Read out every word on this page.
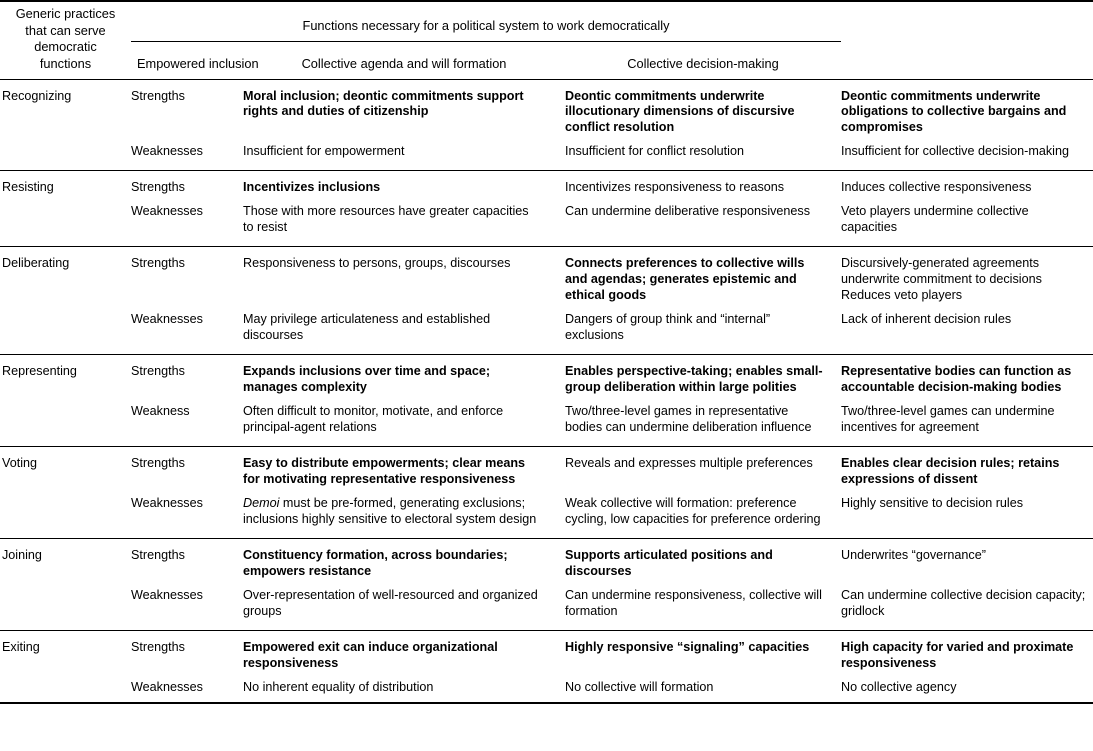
Generic practices that can serve democratic functions	Functions necessary for a political system to work democratically			
	Empowered inclusion	Collective agenda and will formation	Collective decision-making	
Recognizing	Strengths	Moral inclusion; deontic commitments support rights and duties of citizenship	Deontic commitments underwrite illocutionary dimensions of discursive conflict resolution	Deontic commitments underwrite obligations to collective bargains and compromises
	Weaknesses	Insufficient for empowerment	Insufficient for conflict resolution	Insufficient for collective decision-making
Resisting	Strengths	Incentivizes inclusions	Incentivizes responsiveness to reasons	Induces collective responsiveness
	Weaknesses	Those with more resources have greater capacities to resist	Can undermine deliberative responsiveness	Veto players undermine collective capacities
Deliberating	Strengths	Responsiveness to persons, groups, discourses	Connects preferences to collective wills and agendas; generates epistemic and ethical goods	Discursively-generated agreements underwrite commitment to decisions Reduces veto players
	Weaknesses	May privilege articulateness and established discourses	Dangers of group think and “internal” exclusions	Lack of inherent decision rules
Representing	Strengths	Expands inclusions over time and space; manages complexity	Enables perspective-taking; enables small-group deliberation within large polities	Representative bodies can function as accountable decision-making bodies
	Weakness	Often difficult to monitor, motivate, and enforce principal-agent relations	Two/three-level games in representative bodies can undermine deliberation influence	Two/three-level games can undermine incentives for agreement
Voting	Strengths	Easy to distribute empowerments; clear means for motivating representative responsiveness	Reveals and expresses multiple preferences	Enables clear decision rules; retains expressions of dissent
	Weaknesses	Demoi must be pre-formed, generating exclusions; inclusions highly sensitive to electoral system design	Weak collective will formation: preference cycling, low capacities for preference ordering	Highly sensitive to decision rules
Joining	Strengths	Constituency formation, across boundaries; empowers resistance	Supports articulated positions and discourses	Underwrites “governance”
	Weaknesses	Over-representation of well-resourced and organized groups	Can undermine responsiveness, collective will formation	Can undermine collective decision capacity; gridlock
Exiting	Strengths	Empowered exit can induce organizational responsiveness	Highly responsive “signaling” capacities	High capacity for varied and proximate responsiveness
	Weaknesses	No inherent equality of distribution	No collective will formation	No collective agency
